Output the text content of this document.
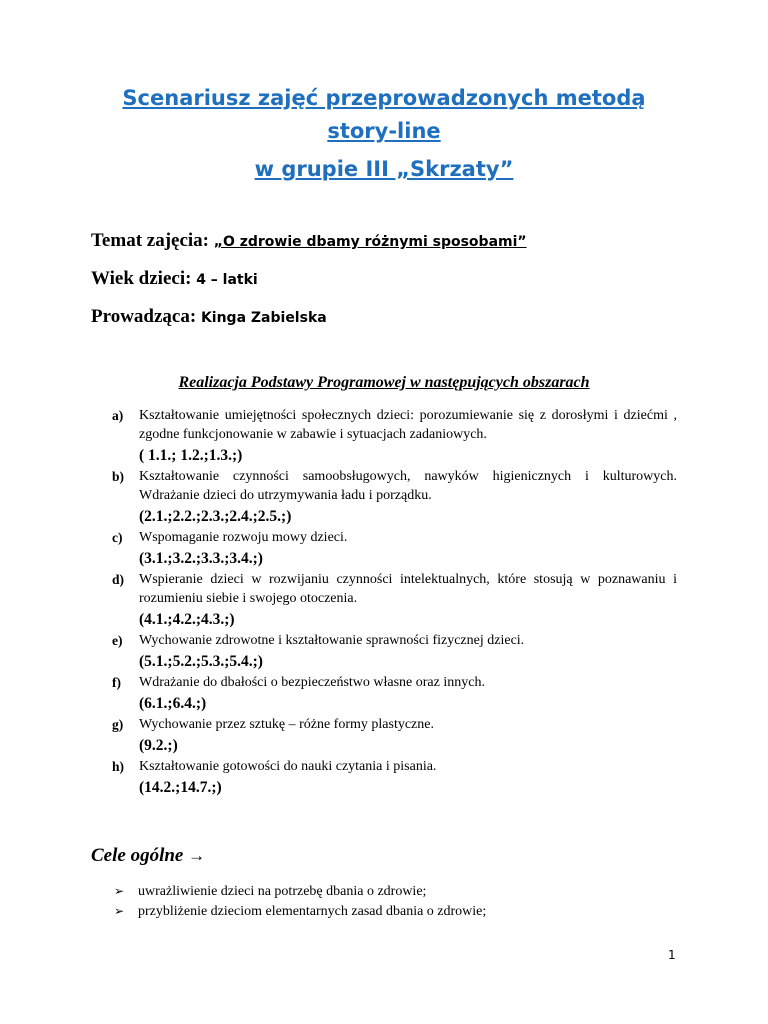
Scenariusz zajęć przeprowadzonych metodą
story-line
w grupie III „Skrzaty”
Temat zajęcia: „O zdrowie dbamy różnymi sposobami”
Wiek dzieci: 4 – latki
Prowadząca: Kinga Zabielska
Realizacja Podstawy Programowej w następujących obszarach
a) Kształtowanie umiejętności społecznych dzieci: porozumiewanie się z dorosłymi i dziećmi , zgodne funkcjonowanie w zabawie i sytuacjach zadaniowych.
( 1.1.; 1.2.;1.3.;)
b) Kształtowanie czynności samoobsługowych, nawyków higienicznych i kulturowych. Wdrażanie dzieci do utrzymywania ładu i porządku.
(2.1.;2.2.;2.3.;2.4.;2.5.;)
c) Wspomaganie rozwoju mowy dzieci.
(3.1.;3.2.;3.3.;3.4.;)
d) Wspieranie dzieci w rozwijaniu czynności intelektualnych, które stosują w poznawaniu i rozumieniu siebie i swojego otoczenia.
(4.1.;4.2.;4.3.;)
e) Wychowanie zdrowotne i kształtowanie sprawności fizycznej dzieci.
(5.1.;5.2.;5.3.;5.4.;)
f) Wdrażanie do dbałości o bezpieczeństwo własne oraz innych.
(6.1.;6.4.;)
g) Wychowanie przez sztukę – różne formy plastyczne.
(9.2.;)
h) Kształtowanie gotowości do nauki czytania i pisania.
(14.2.;14.7.;)
Cele ogólne →
➢ uwrażliwienie dzieci na potrzebę dbania o zdrowie;
➢ przybliżenie dzieciom elementarnych zasad dbania o zdrowie;
1
